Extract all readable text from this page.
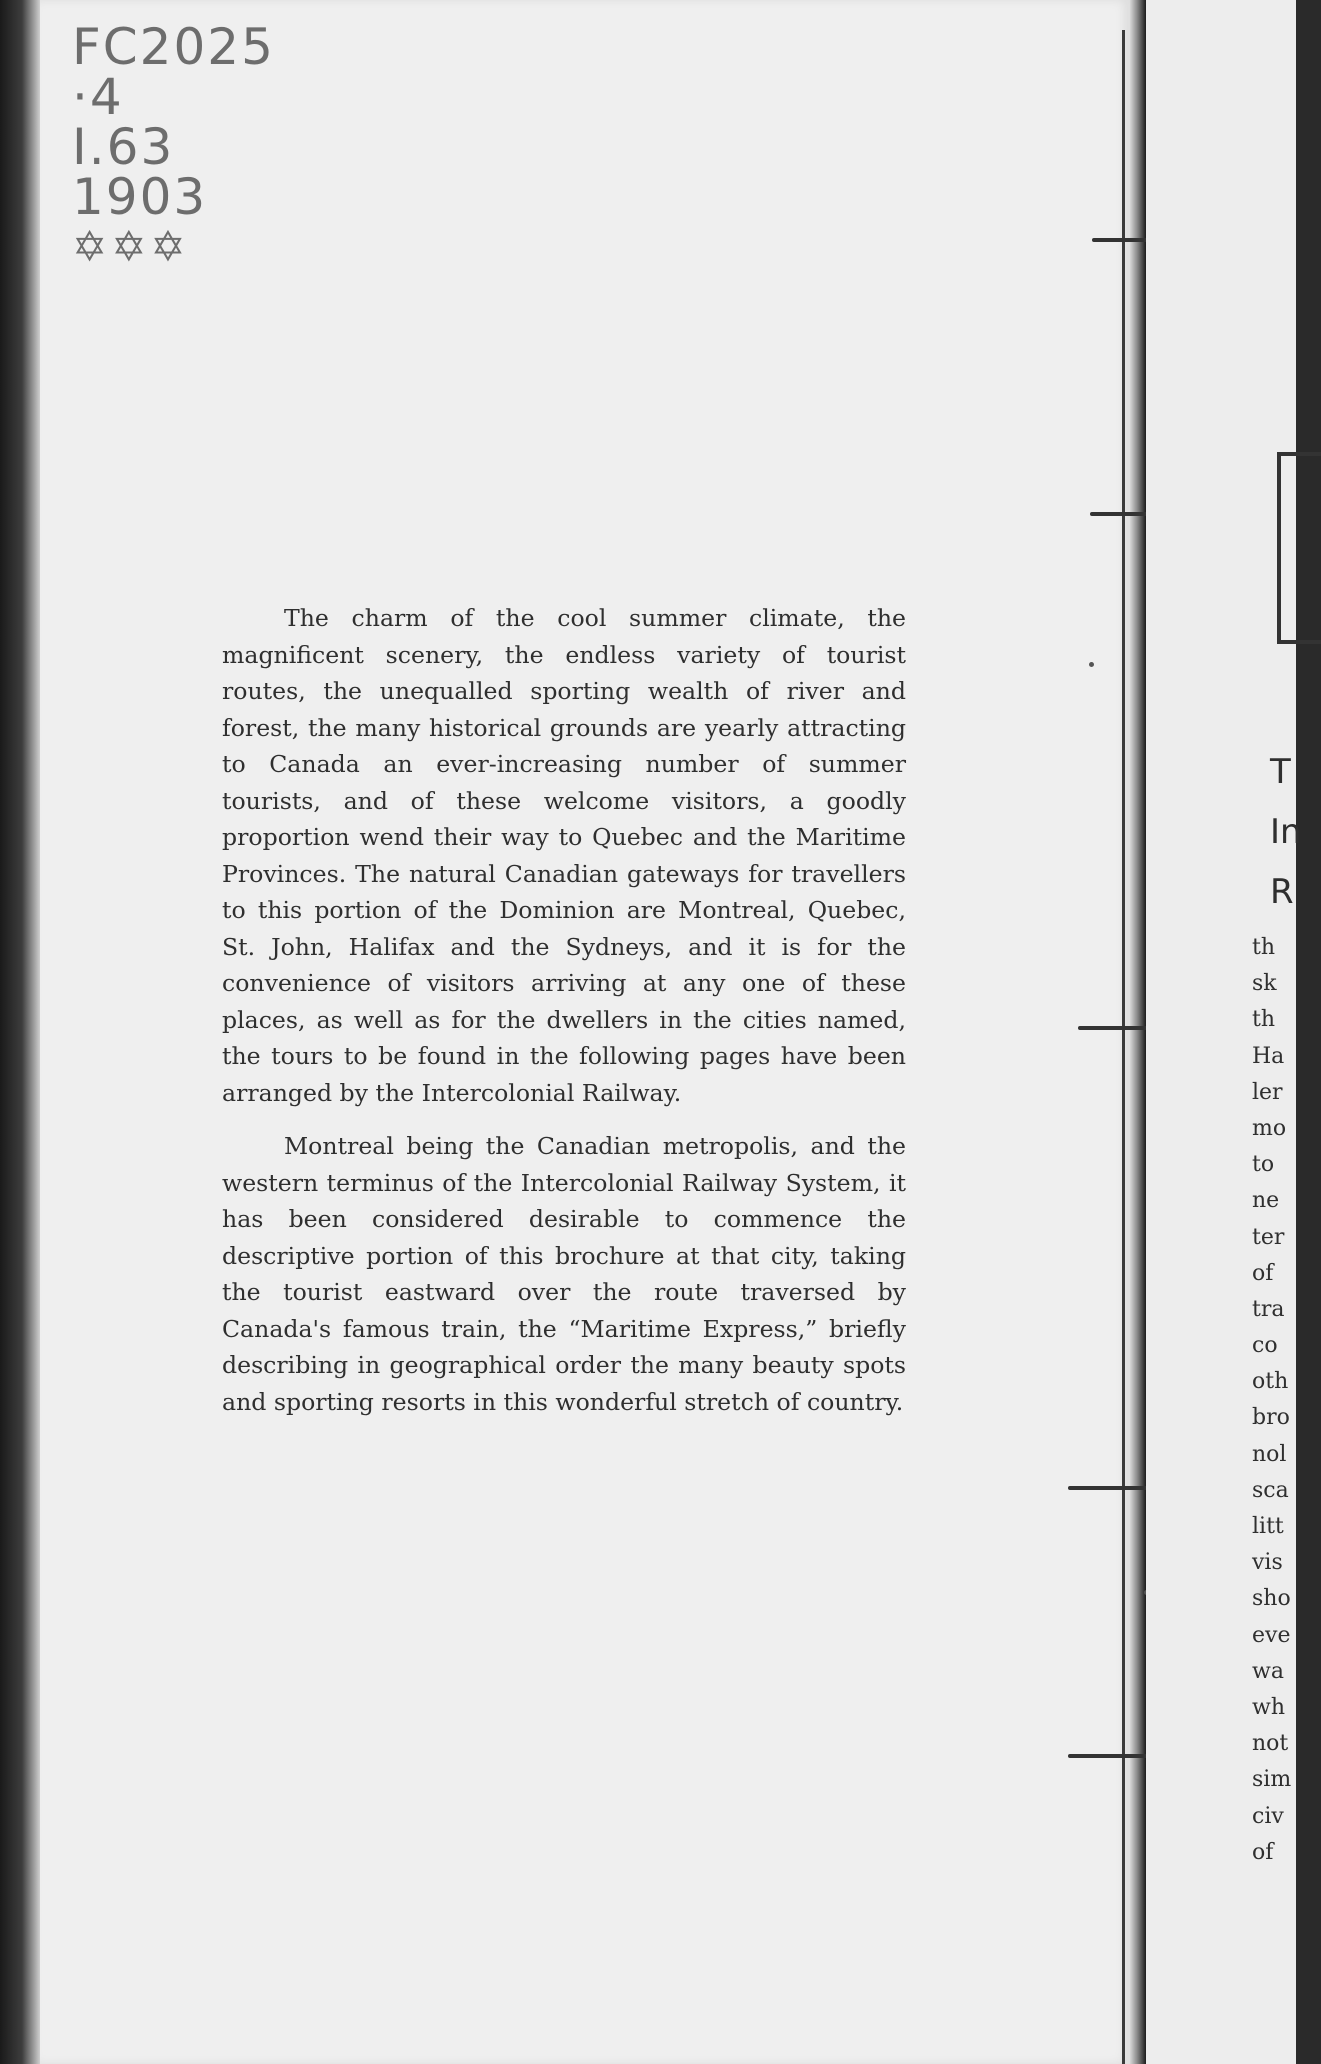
FC2025
·4
I.63
1903
✡✡✡

The charm of the cool summer climate, the magnificent scenery, the endless variety of tourist routes, the unequalled sporting wealth of river and forest, the many historical grounds are yearly attracting to Canada an ever-increasing number of summer tourists, and of these welcome visitors, a goodly proportion wend their way to Quebec and the Maritime Provinces. The natural Canadian gateways for travellers to this portion of the Dominion are Montreal, Quebec, St. John, Halifax and the Sydneys, and it is for the convenience of visitors arriving at any one of these places, as well as for the dwellers in the cities named, the tours to be found in the following pages have been arranged by the Intercolonial Railway.

Montreal being the Canadian metropolis, and the western terminus of the Intercolonial Railway System, it has been considered desirable to commence the descriptive portion of this brochure at that city, taking the tourist eastward over the route traversed by Canada's famous train, the “Maritime Express,” briefly describing in geographical order the many beauty spots and sporting resorts in this wonderful stretch of country.

T
In
R
th
sk
th
Ha
ler
mo
to
ne
ter
of
tra
co
oth
bro
nol
sca
litt
vis
sho
eve
wa
wh
not
sim
civ
of
